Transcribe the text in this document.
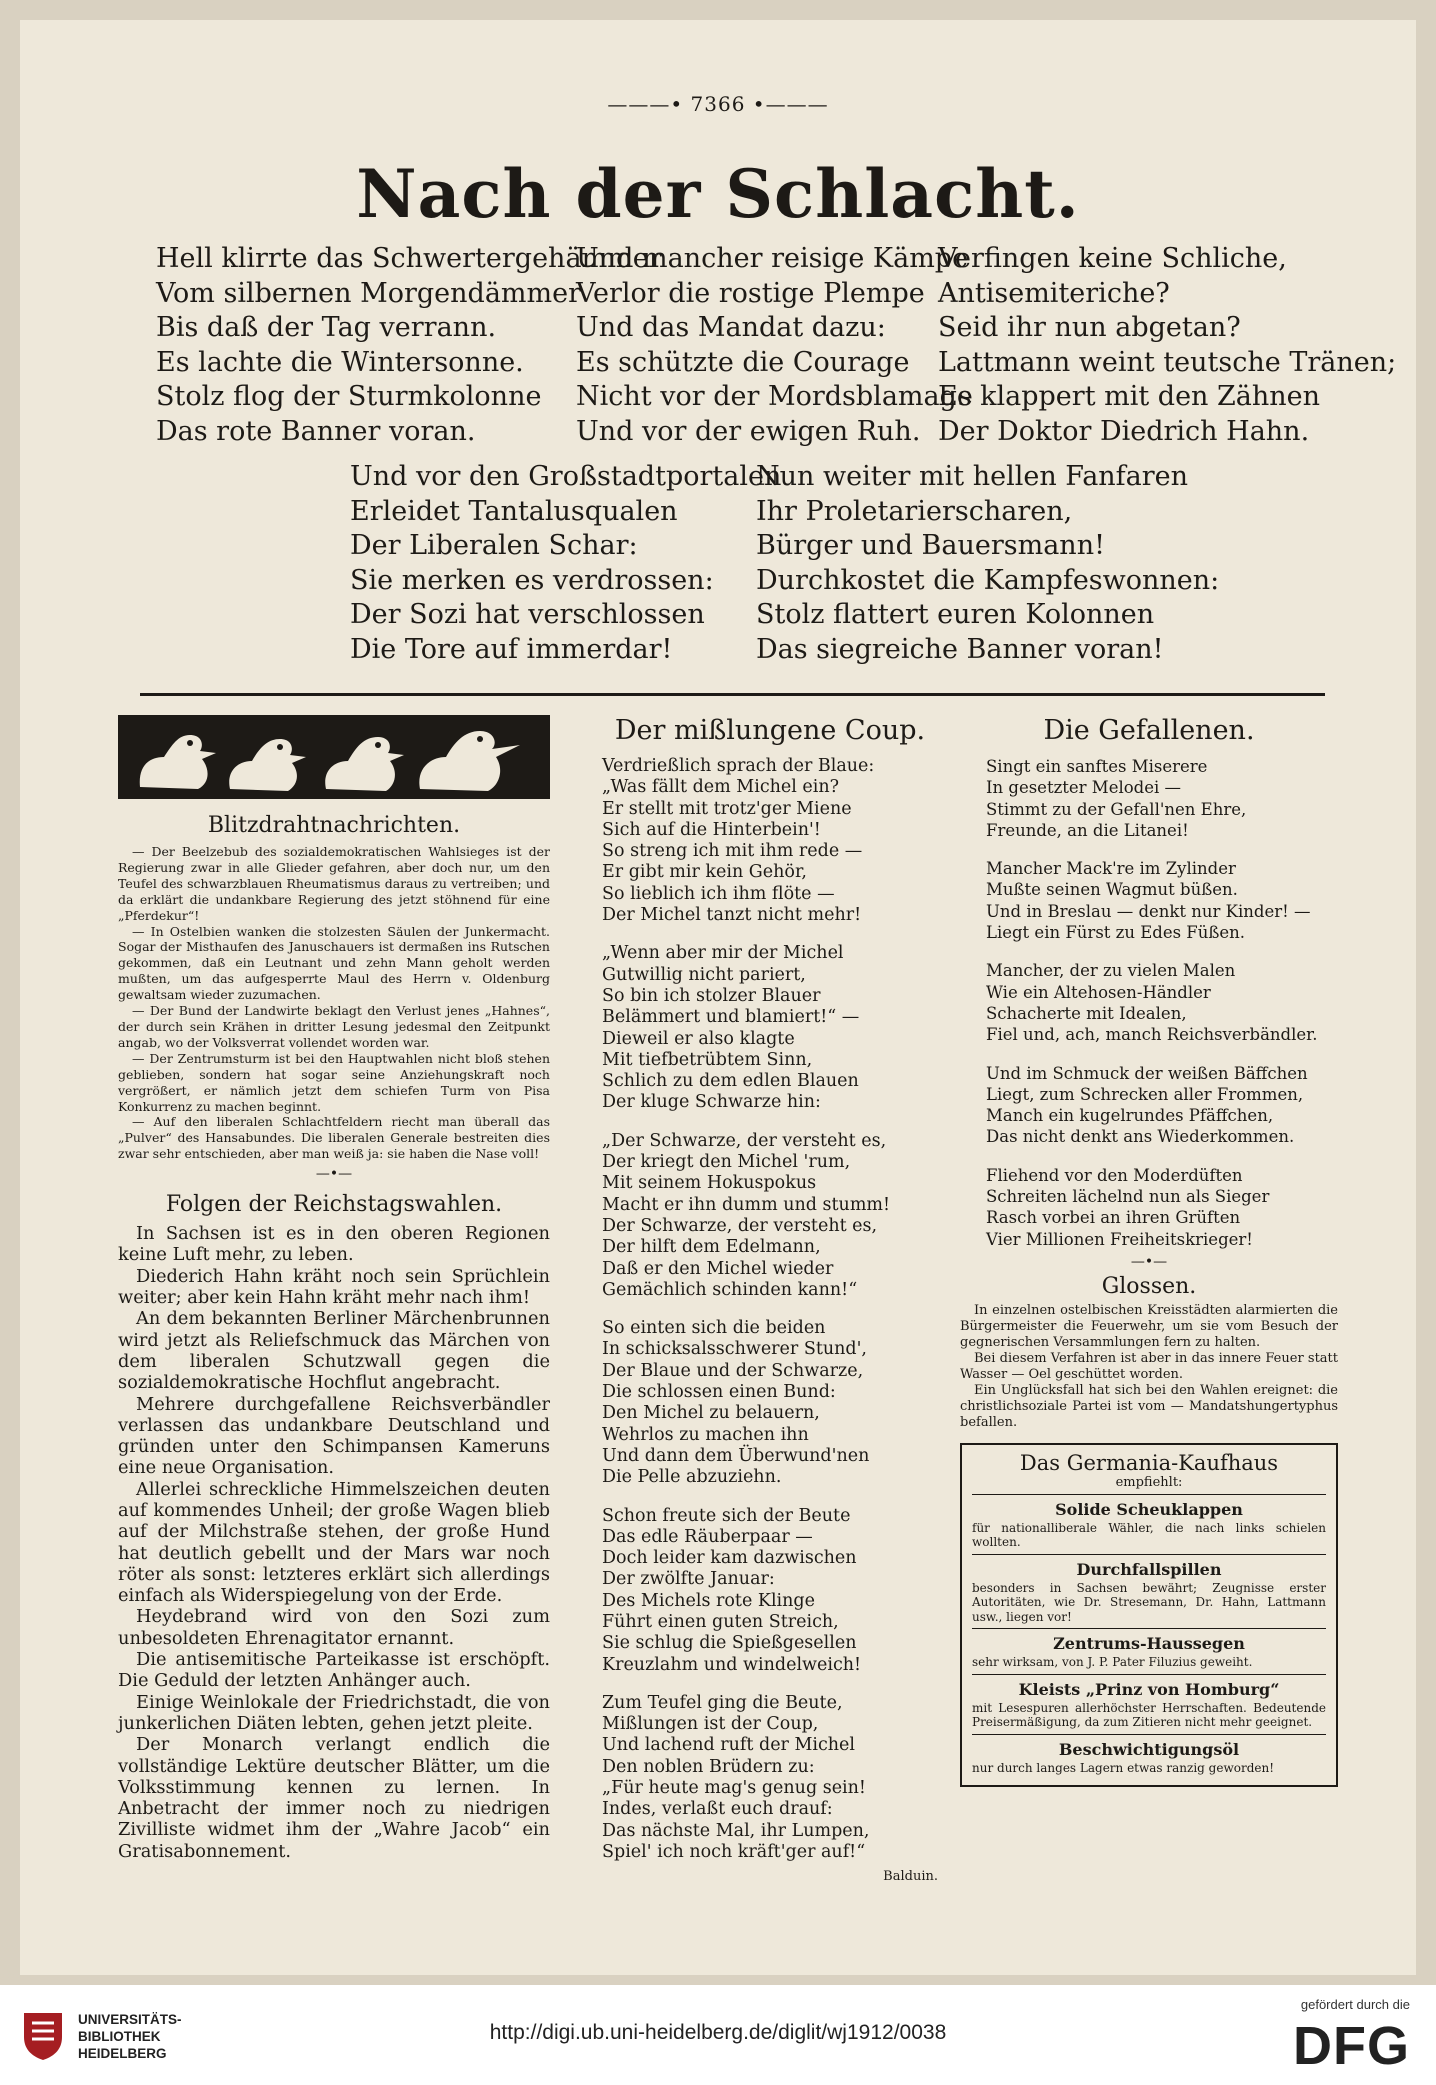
———• 7366 •———
Nach der Schlacht.
Hell klirrte das Schwertergehämmer
Vom silbernen Morgendämmer
Bis daß der Tag verrann.
Es lachte die Wintersonne.
Stolz flog der Sturmkolonne
Das rote Banner voran.
Und mancher reisige Kämpe
Verlor die rostige Plempe
Und das Mandat dazu:
Es schützte die Courage
Nicht vor der Mordsblamage
Und vor der ewigen Ruh.
Verfingen keine Schliche,
Antisemiteriche?
Seid ihr nun abgetan?
Lattmann weint teutsche Tränen;
Es klappert mit den Zähnen
Der Doktor Diedrich Hahn.
Und vor den Großstadtportalen
Erleidet Tantalusqualen
Der Liberalen Schar:
Sie merken es verdrossen:
Der Sozi hat verschlossen
Die Tore auf immerdar!
Nun weiter mit hellen Fanfaren
Ihr Proletarierscharen,
Bürger und Bauersmann!
Durchkostet die Kampfeswonnen:
Stolz flattert euren Kolonnen
Das siegreiche Banner voran!
Blitzdrahtnachrichten.

— Der Beelzebub des sozialdemokratischen Wahlsieges ist der Regierung zwar in alle Glieder gefahren, aber doch nur, um den Teufel des schwarzblauen Rheumatismus daraus zu vertreiben; und da erklärt die undankbare Regierung des jetzt stöhnend für eine „Pferdekur“!

— In Ostelbien wanken die stolzesten Säulen der Junkermacht. Sogar der Misthaufen des Januschauers ist dermaßen ins Rutschen gekommen, daß ein Leutnant und zehn Mann geholt werden mußten, um das aufgesperrte Maul des Herrn v. Oldenburg gewaltsam wieder zuzumachen.

— Der Bund der Landwirte beklagt den Verlust jenes „Hahnes“, der durch sein Krähen in dritter Lesung jedesmal den Zeitpunkt angab, wo der Volksverrat vollendet worden war.

— Der Zentrumsturm ist bei den Hauptwahlen nicht bloß stehen geblieben, sondern hat sogar seine Anziehungskraft noch vergrößert, er nämlich jetzt dem schiefen Turm von Pisa Konkurrenz zu machen beginnt.

— Auf den liberalen Schlachtfeldern riecht man überall das „Pulver“ des Hansabundes. Die liberalen Generale bestreiten dies zwar sehr entschieden, aber man weiß ja: sie haben die Nase voll!

—•—
Folgen der Reichstagswahlen.

In Sachsen ist es in den oberen Regionen keine Luft mehr, zu leben.

Diederich Hahn kräht noch sein Sprüchlein weiter; aber kein Hahn kräht mehr nach ihm!

An dem bekannten Berliner Märchenbrunnen wird jetzt als Reliefschmuck das Märchen von dem liberalen Schutzwall gegen die sozialdemokratische Hochflut angebracht.

Mehrere durchgefallene Reichsverbändler verlassen das undankbare Deutschland und gründen unter den Schimpansen Kameruns eine neue Organisation.

Allerlei schreckliche Himmelszeichen deuten auf kommendes Unheil; der große Wagen blieb auf der Milchstraße stehen, der große Hund hat deutlich gebellt und der Mars war noch röter als sonst: letzteres erklärt sich allerdings einfach als Widerspiegelung von der Erde.

Heydebrand wird von den Sozi zum unbesoldeten Ehrenagitator ernannt.

Die antisemitische Parteikasse ist erschöpft. Die Geduld der letzten Anhänger auch.

Einige Weinlokale der Friedrichstadt, die von junkerlichen Diäten lebten, gehen jetzt pleite.

Der Monarch verlangt endlich die vollständige Lektüre deutscher Blätter, um die Volksstimmung kennen zu lernen. In Anbetracht der immer noch zu niedrigen Zivilliste widmet ihm der „Wahre Jacob“ ein Gratisabonnement.

Der mißlungene Coup.
Verdrießlich sprach der Blaue:
„Was fällt dem Michel ein?
Er stellt mit trotz'ger Miene
Sich auf die Hinterbein'!
So streng ich mit ihm rede —
Er gibt mir kein Gehör,
So lieblich ich ihm flöte —
Der Michel tanzt nicht mehr!
„Wenn aber mir der Michel
Gutwillig nicht pariert,
So bin ich stolzer Blauer
Belämmert und blamiert!“ —
Dieweil er also klagte
Mit tiefbetrübtem Sinn,
Schlich zu dem edlen Blauen
Der kluge Schwarze hin:
„Der Schwarze, der versteht es,
Der kriegt den Michel 'rum,
Mit seinem Hokuspokus
Macht er ihn dumm und stumm!
Der Schwarze, der versteht es,
Der hilft dem Edelmann,
Daß er den Michel wieder
Gemächlich schinden kann!“
So einten sich die beiden
In schicksalsschwerer Stund',
Der Blaue und der Schwarze,
Die schlossen einen Bund:
Den Michel zu belauern,
Wehrlos zu machen ihn
Und dann dem Überwund'nen
Die Pelle abzuziehn.
Schon freute sich der Beute
Das edle Räuberpaar —
Doch leider kam dazwischen
Der zwölfte Januar:
Des Michels rote Klinge
Führt einen guten Streich,
Sie schlug die Spießgesellen
Kreuzlahm und windelweich!
Zum Teufel ging die Beute,
Mißlungen ist der Coup,
Und lachend ruft der Michel
Den noblen Brüdern zu:
„Für heute mag's genug sein!
Indes, verlaßt euch drauf:
Das nächste Mal, ihr Lumpen,
Spiel' ich noch kräft'ger auf!“
Balduin.
Die Gefallenen.
Singt ein sanftes Miserere
In gesetzter Melodei —
Stimmt zu der Gefall'nen Ehre,
Freunde, an die Litanei!
Mancher Mack're im Zylinder
Mußte seinen Wagmut büßen.
Und in Breslau — denkt nur Kinder! —
Liegt ein Fürst zu Edes Füßen.
Mancher, der zu vielen Malen
Wie ein Altehosen-Händler
Schacherte mit Idealen,
Fiel und, ach, manch Reichsverbändler.
Und im Schmuck der weißen Bäffchen
Liegt, zum Schrecken aller Frommen,
Manch ein kugelrundes Pfäffchen,
Das nicht denkt ans Wiederkommen.
Fliehend vor den Moderdüften
Schreiten lächelnd nun als Sieger
Rasch vorbei an ihren Grüften
Vier Millionen Freiheitskrieger!
—•—
Glossen.

In einzelnen ostelbischen Kreisstädten alarmierten die Bürgermeister die Feuerwehr, um sie vom Besuch der gegnerischen Versammlungen fern zu halten.

Bei diesem Verfahren ist aber in das innere Feuer statt Wasser — Oel geschüttet worden.

Ein Unglücksfall hat sich bei den Wahlen ereignet: die christlichsoziale Partei ist vom — Mandatshungertyphus befallen.

Das Germania-Kaufhaus
empfiehlt:
Solide Scheuklappen
für nationalliberale Wähler, die nach links schielen wollten.
Durchfallspillen
besonders in Sachsen bewährt; Zeugnisse erster Autoritäten, wie Dr. Stresemann, Dr. Hahn, Lattmann usw., liegen vor!
Zentrums-Haussegen
sehr wirksam, von J. P. Pater Filuzius geweiht.
Kleists „Prinz von Homburg“
mit Lesespuren allerhöchster Herrschaften. Bedeutende Preisermäßigung, da zum Zitieren nicht mehr geeignet.
Beschwichtigungsöl
nur durch langes Lagern etwas ranzig geworden!
UNIVERSITÄTS-
BIBLIOTHEK
HEIDELBERG
http://digi.ub.uni-heidelberg.de/diglit/wj1912/0038
gefördert durch die
DFG
